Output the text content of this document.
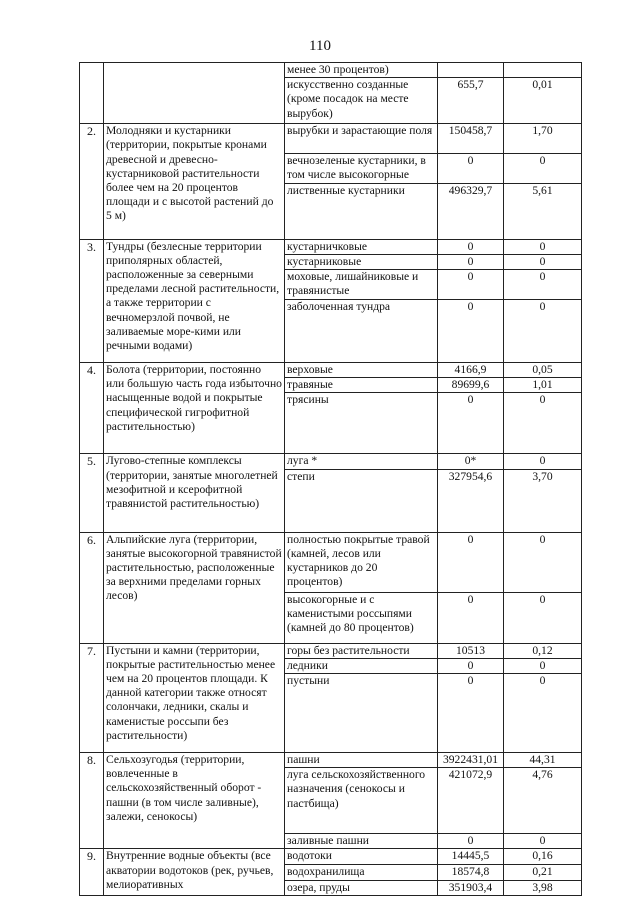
110
		менее 30 процентов)		
		искусственно созданные (кроме посадок на месте вырубок)	655,7	0,01
2.	Молодняки и кустарники (территории, покрытые кронами древесной и древесно-кустарниковой растительности более чем на 20 процентов площади и с высотой растений до 5 м)	вырубки и зарастающие поля	150458,7	1,70
		вечнозеленые кустарники, в том числе высокогорные	0	0
		лиственные кустарники	496329,7	5,61
3.	Тундры (безлесные территории приполярных областей, расположенные за северными пределами лесной растительности, а также территории с вечномерзлой почвой, не заливаемые море-кими или речными водами)	кустарничковые	0	0
		кустарниковые	0	0
		моховые, лишайниковые и травянистые	0	0
		заболоченная тундра	0	0
4.	Болота (территории, постоянно или большую часть года избыточно насыщенные водой и покрытые специфической гигрофитной растительностью)	верховые	4166,9	0,05
		травяные	89699,6	1,01
		трясины	0	0
5.	Лугово-степные комплексы (территории, занятые многолетней мезофитной и ксерофитной травянистой растительностью)	луга *	0*	0
		степи	327954,6	3,70
6.	Альпийские луга (территории, занятые высокогорной травянистой растительностью, расположенные за верхними пределами горных лесов)	полностью покрытые травой (камней, лесов или кустарников до 20 процентов)	0	0
		высокогорные и с каменистыми россыпями (камней до 80 процентов)	0	0
7.	Пустыни и камни (территории, покрытые растительностью менее чем на 20 процентов площади. К данной категории также относят солончаки, ледники, скалы и каменистые россыпи без растительности)	горы без растительности	10513	0,12
		ледники	0	0
		пустыни	0	0
8.	Сельхозугодья (территории, вовлеченные в сельскохозяйственный оборот - пашни (в том числе заливные), залежи, сенокосы)	пашни	3922431,01	44,31
		луга сельскохозяйственного назначения (сенокосы и пастбища)	421072,9	4,76
		заливные пашни	0	0
9.	Внутренние водные объекты (все акватории водотоков (рек, ручьев, мелиоративных	водотоки	14445,5	0,16
		водохранилища	18574,8	0,21
		озера, пруды	351903,4	3,98
